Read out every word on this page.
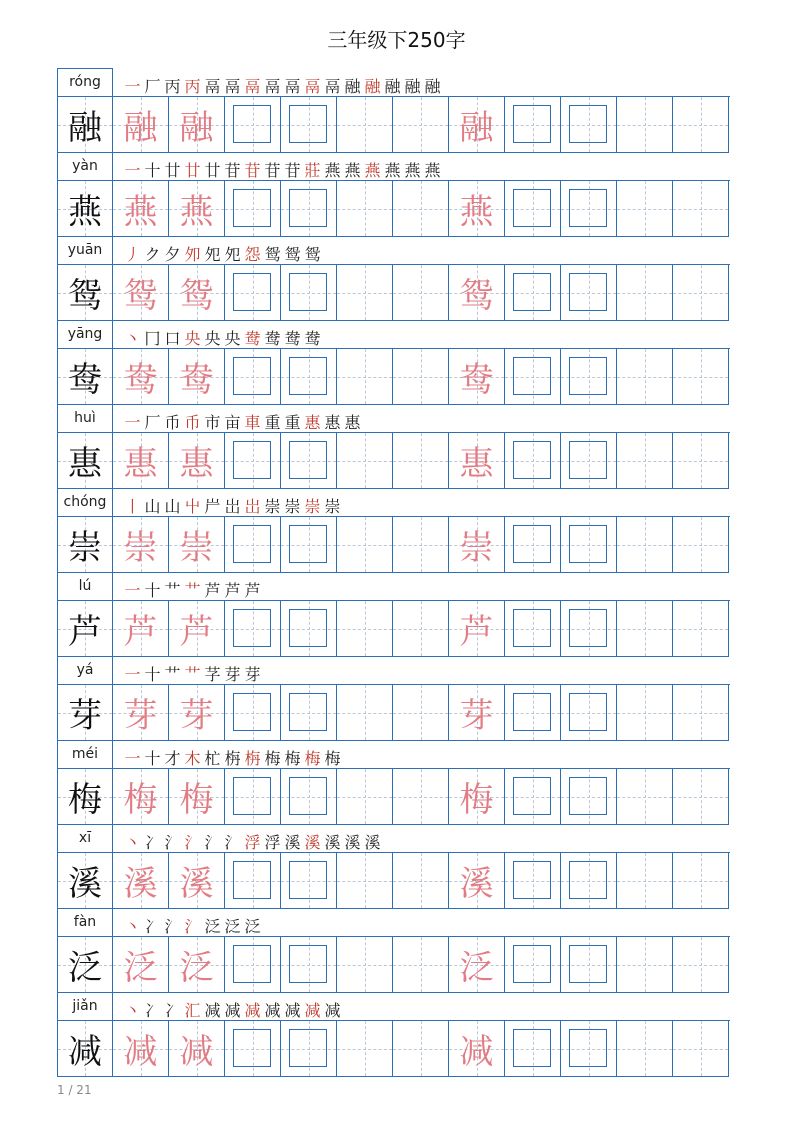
三年级下250字
róng	一 厂 丙 丙 鬲 鬲 鬲 鬲 鬲 鬲 鬲 融 融 融 融 融
融 融 融	融
yàn	一 十 廿 廿 廿 苷 苷 苷 苷 莊 燕 燕 燕 燕 燕 燕
燕 燕 燕	燕
yuān	丿 ク 夕 夘 夗 夗 怨 鸳 鸳 鸳
鸳 鸳 鸳	鸳
yāng	丶 冂 口 央 央 央 鸯 鸯 鸯 鸯
鸯 鸯 鸯	鸯
huì	一 厂 币 币 市 亩 車 重 重 惠 惠 惠
惠 惠 惠	惠
chóng	丨 山 山 屮 屵 岀 岀 崇 崇 崇 崇
崇 崇 崇	崇
lú	一 十 艹 艹 芦 芦 芦
芦 芦 芦	芦
yá	一 十 艹 艹 芓 芽 芽
芽 芽 芽	芽
méi	一 十 才 木 杧 栴 栴 梅 梅 梅 梅
梅 梅 梅	梅
xī	丶 冫 氵 氵 氵 氵 浮 浮 溪 溪 溪 溪 溪
溪 溪 溪	溪
fàn	丶 冫 氵 氵 泛 泛 泛
泛 泛 泛	泛
jiǎn	丶 冫 冫 汇 减 减 减 减 减 减 减
减 减 减	减
1 / 21
